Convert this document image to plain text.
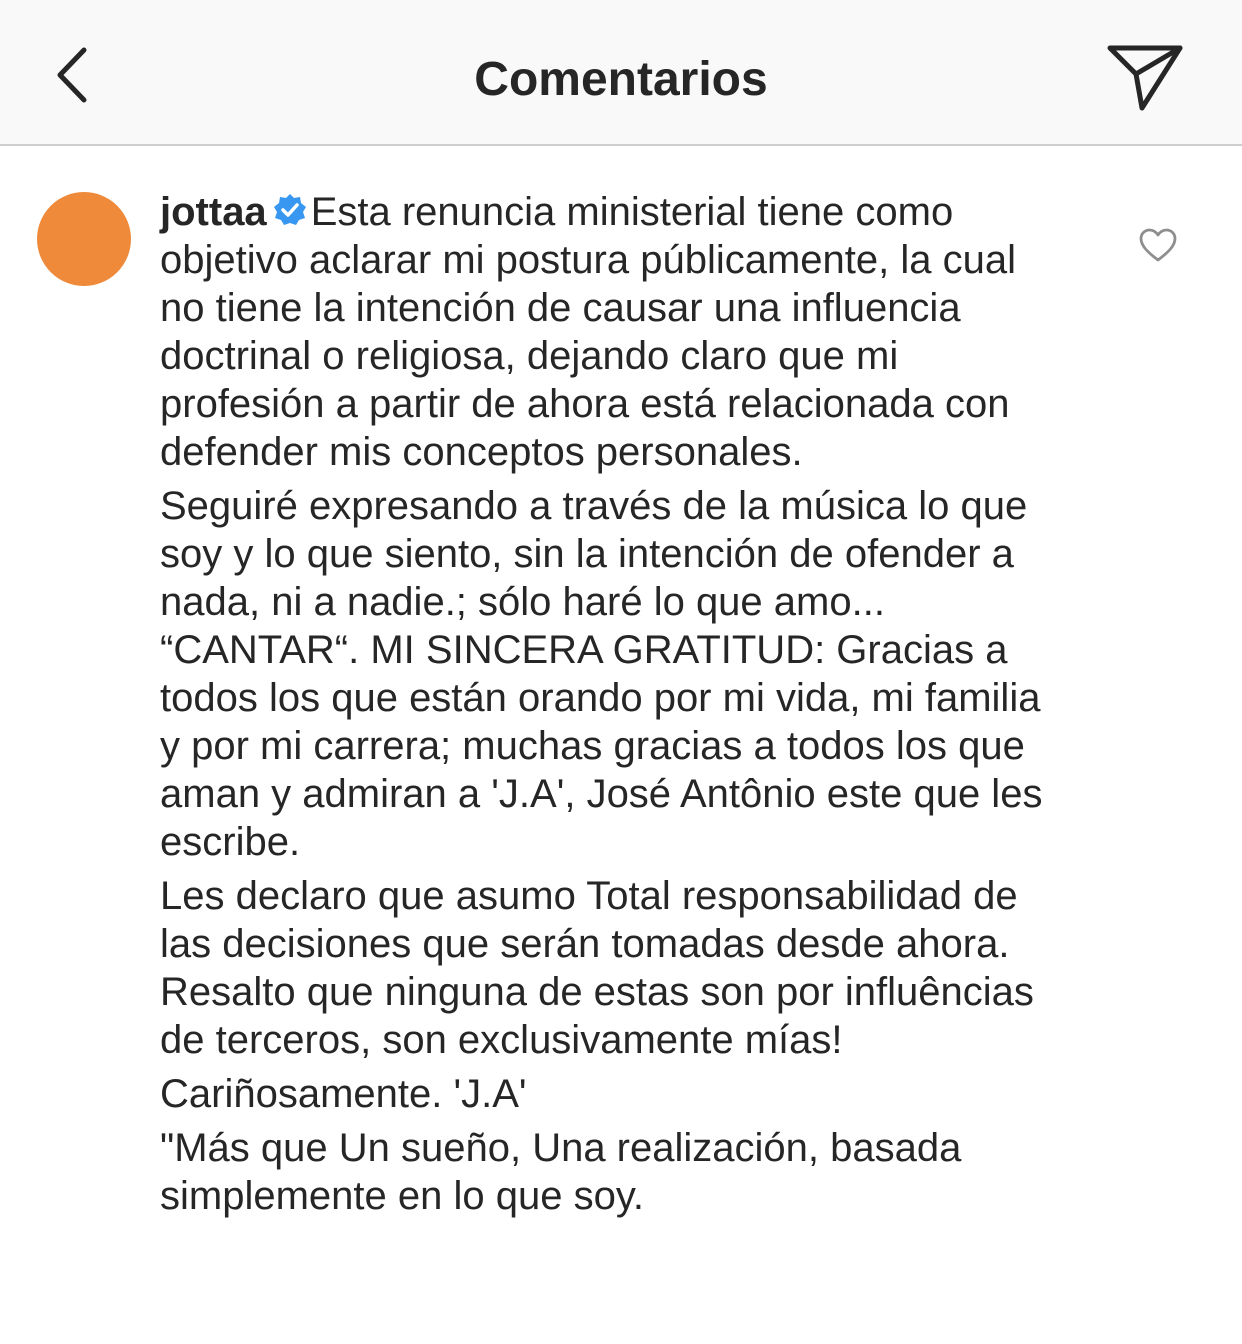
Comentarios

jottaa Esta renuncia ministerial tiene como objetivo aclarar mi postura públicamente, la cual no tiene la intención de causar una influencia doctrinal o religiosa, dejando claro que mi profesión a partir de ahora está relacionada con defender mis conceptos personales.

Seguiré expresando a través de la música lo que soy y lo que siento, sin la intención de ofender a nada, ni a nadie.; sólo haré lo que amo... “CANTAR“. MI SINCERA GRATITUD: Gracias a todos los que están orando por mi vida, mi familia y por mi carrera; muchas gracias a todos los que aman y admiran a 'J.A', José Antônio este que les escribe.

Les declaro que asumo Total responsabilidad de las decisiones que serán tomadas desde ahora. Resalto que ninguna de estas son por influências de terceros, son exclusivamente mías!

Cariñosamente. 'J.A'

"Más que Un sueño, Una realización, basada simplemente en lo que soy.
